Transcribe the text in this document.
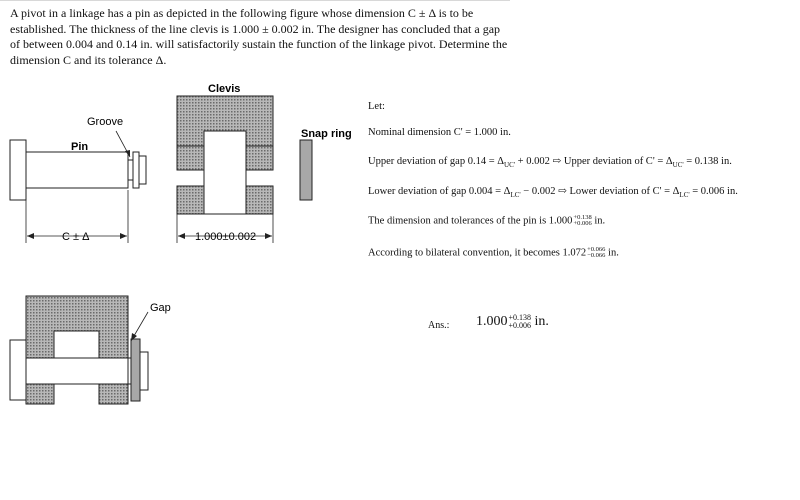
A pivot in a linkage has a pin as depicted in the following figure whose dimension C ± Δ is to be established. The thickness of the line clevis is 1.000 ± 0.002 in. The designer has concluded that a gap of between 0.004 and 0.14 in. will satisfactorily sustain the function of the linkage pivot. Determine the dimension C and its tolerance Δ.

Groove
Pin
C ± Δ
Clevis
1.000±0.002
Snap ring
Gap
Let:
Nominal dimension C' = 1.000 in.
Upper deviation of gap $0.14 = \Delta_{UC'} + 0.002$ ⇨ Upper deviation of $C' = \Delta_{UC'} = 0.138$ in.
Lower deviation of gap $0.004 = \Delta_{LC'} - 0.002$ ⇨ Lower deviation of $C' = \Delta_{LC'} = 0.006$ in.
The dimension and tolerances of the pin is 1.000 +0.138
+0.006 in.
According to bilateral convention, it becomes 1.072 +0.066
−0.066 in.
Ans.: 1.000 +0.138
+0.006 in.
